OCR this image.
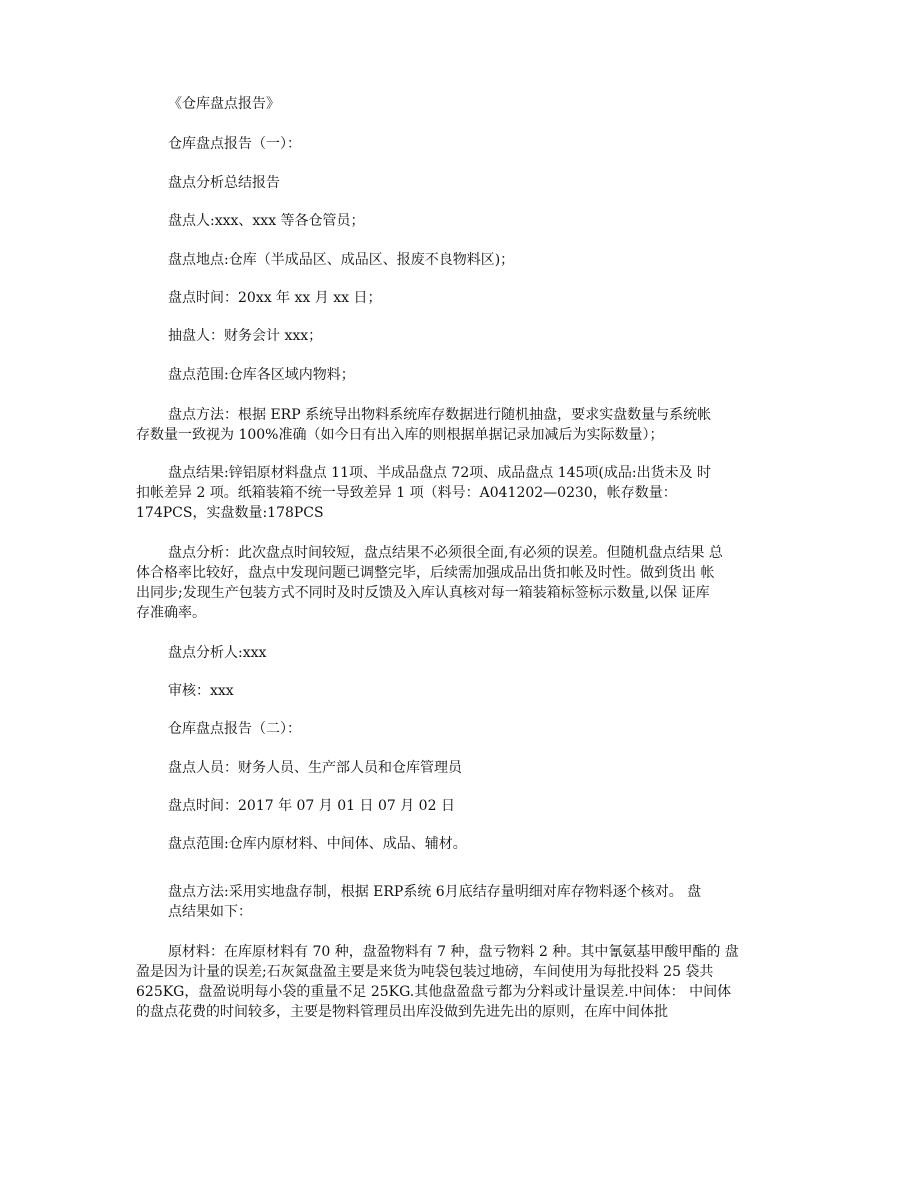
《仓库盘点报告》
仓库盘点报告（一）：
盘点分析总结报告
盘点人:xxx、xxx 等各仓管员；
盘点地点:仓库（半成品区、成品区、报废不良物料区)；
盘点时间：20xx 年 xx 月 xx 日；
抽盘人：财务会计 xxx；
盘点范围:仓库各区域内物料；
盘点方法：根据 ERP 系统导出物料系统库存数据进行随机抽盘，要求实盘数量与系统帐
存数量一致视为 100%准确（如今日有出入库的则根据单据记录加减后为实际数量）；
盘点结果:锌铝原材料盘点 11项、半成品盘点 72项、成品盘点 145项(成品:出货未及 时
扣帐差异 2 项。纸箱装箱不统一导致差异 1 项（料号：A041202—0230，帐存数量：
174PCS，实盘数量:178PCS
盘点分析：此次盘点时间较短，盘点结果不必须很全面,有必须的误差。但随机盘点结果 总
体合格率比较好，盘点中发现问题已调整完毕，后续需加强成品出货扣帐及时性。做到货出 帐
出同步;发现生产包装方式不同时及时反馈及入库认真核对每一箱装箱标签标示数量,以保 证库
存准确率。
盘点分析人:xxx
审核：xxx
仓库盘点报告（二）：
盘点人员：财务人员、生产部人员和仓库管理员
盘点时间：2017 年 07 月 01 日 07 月 02 日
盘点范围:仓库内原材料、中间体、成品、辅材。
盘点方法:采用实地盘存制，根据 ERP系统 6月底结存量明细对库存物料逐个核对。 盘
点结果如下：
原材料：在库原材料有 70 种，盘盈物料有 7 种，盘亏物料 2 种。其中氰氨基甲酸甲酯的 盘
盈是因为计量的误差;石灰氮盘盈主要是来货为吨袋包装过地磅，车间使用为每批投料 25 袋共
625KG，盘盈说明每小袋的重量不足 25KG.其他盘盈盘亏都为分料或计量误差.中间体： 中间体
的盘点花费的时间较多，主要是物料管理员出库没做到先进先出的原则，在库中间体批
